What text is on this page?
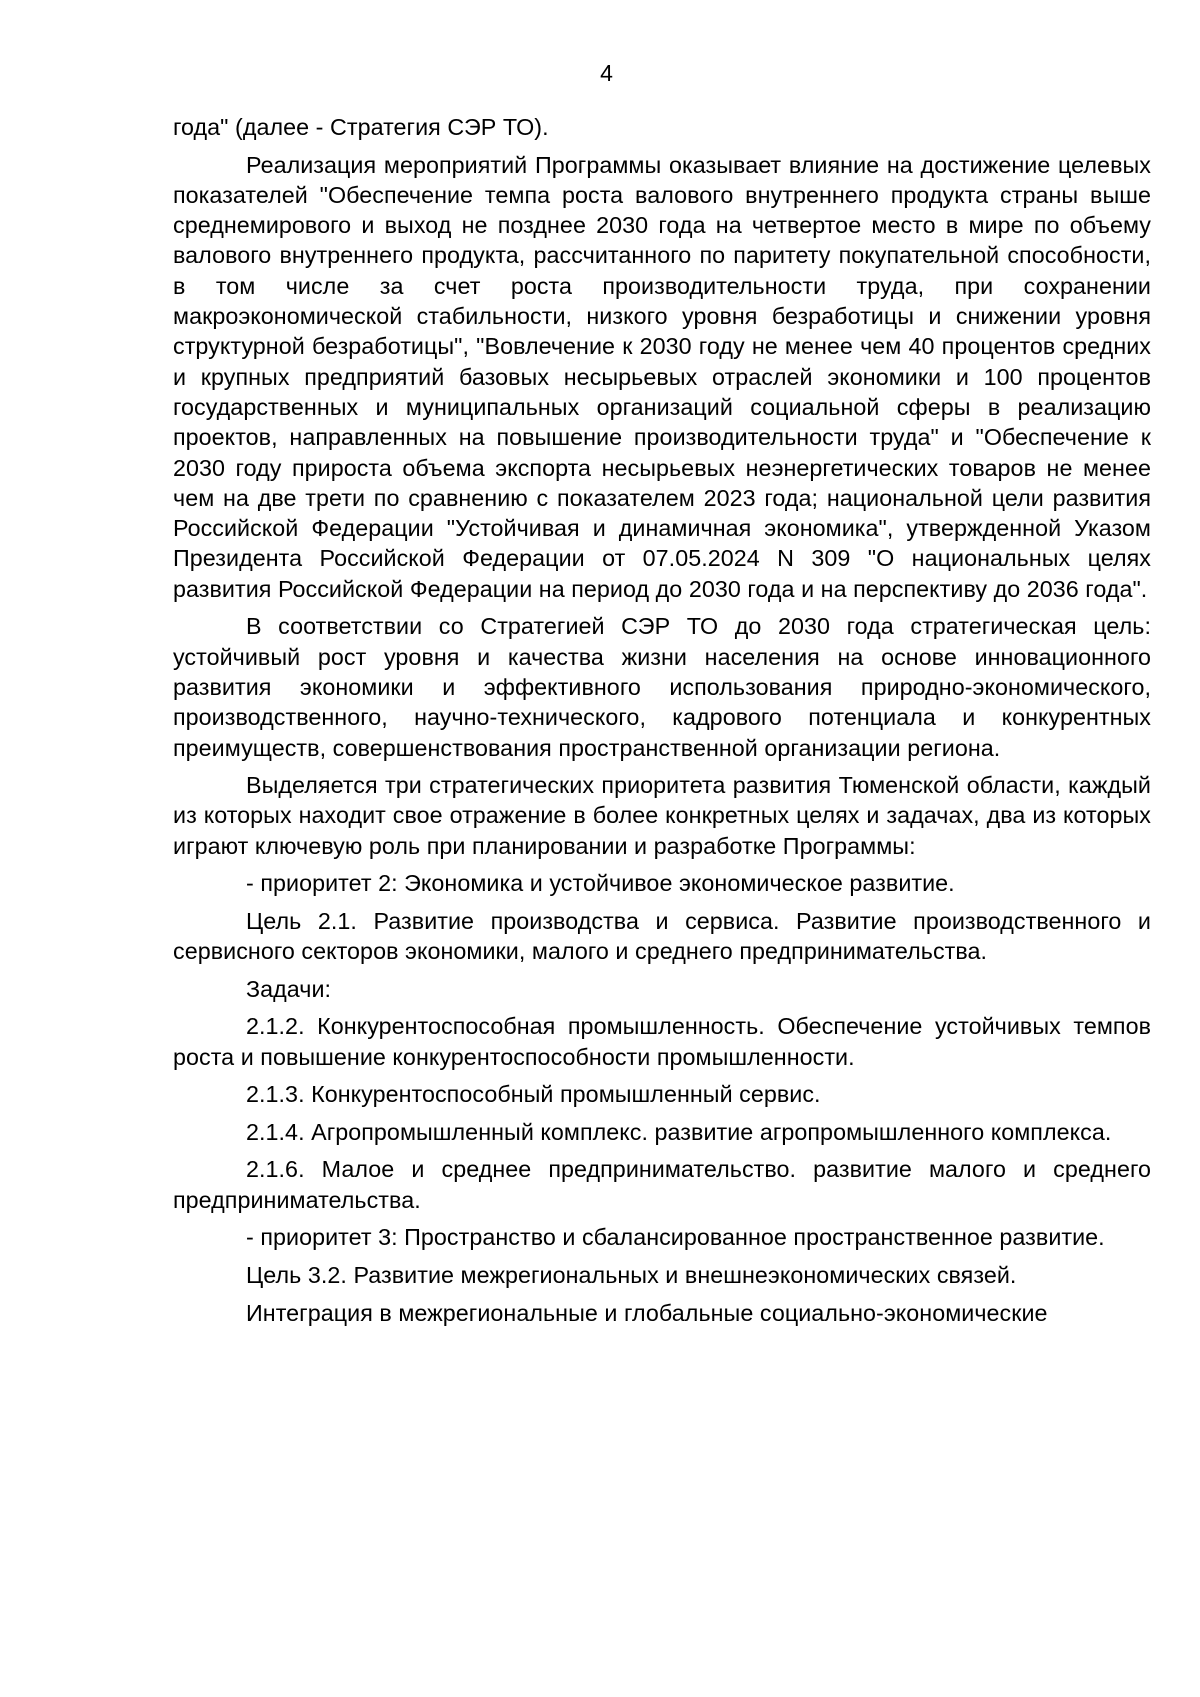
4

года" (далее - Стратегия СЭР ТО).

Реализация мероприятий Программы оказывает влияние на достижение целевых показателей "Обеспечение темпа роста валового внутреннего продукта страны выше среднемирового и выход не позднее 2030 года на четвертое место в мире по объему валового внутреннего продукта, рассчитанного по паритету покупательной способности, в том числе за счет роста производительности труда, при сохранении макроэкономической стабильности, низкого уровня безработицы и снижении уровня структурной безработицы", "Вовлечение к 2030 году не менее чем 40 процентов средних и крупных предприятий базовых несырьевых отраслей экономики и 100 процентов государственных и муниципальных организаций социальной сферы в реализацию проектов, направленных на повышение производительности труда" и "Обеспечение к 2030 году прироста объема экспорта несырьевых неэнергетических товаров не менее чем на две трети по сравнению с показателем 2023 года; национальной цели развития Российской Федерации "Устойчивая и динамичная экономика", утвержденной Указом Президента Российской Федерации от 07.05.2024 N 309 "О национальных целях развития Российской Федерации на период до 2030 года и на перспективу до 2036 года".

В соответствии со Стратегией СЭР ТО до 2030 года стратегическая цель: устойчивый рост уровня и качества жизни населения на основе инновационного развития экономики и эффективного использования природно-экономического, производственного, научно-технического, кадрового потенциала и конкурентных преимуществ, совершенствования пространственной организации региона.

Выделяется три стратегических приоритета развития Тюменской области, каждый из которых находит свое отражение в более конкретных целях и задачах, два из которых играют ключевую роль при планировании и разработке Программы:

- приоритет 2: Экономика и устойчивое экономическое развитие.

Цель 2.1. Развитие производства и сервиса. Развитие производственного и сервисного секторов экономики, малого и среднего предпринимательства.

Задачи:

2.1.2. Конкурентоспособная промышленность. Обеспечение устойчивых темпов роста и повышение конкурентоспособности промышленности.

2.1.3. Конкурентоспособный промышленный сервис.

2.1.4. Агропромышленный комплекс. развитие агропромышленного комплекса.

2.1.6. Малое и среднее предпринимательство. развитие малого и среднего предпринимательства.

- приоритет 3: Пространство и сбалансированное пространственное развитие.

Цель 3.2. Развитие межрегиональных и внешнеэкономических связей.

Интеграция в межрегиональные и глобальные социально-экономические
